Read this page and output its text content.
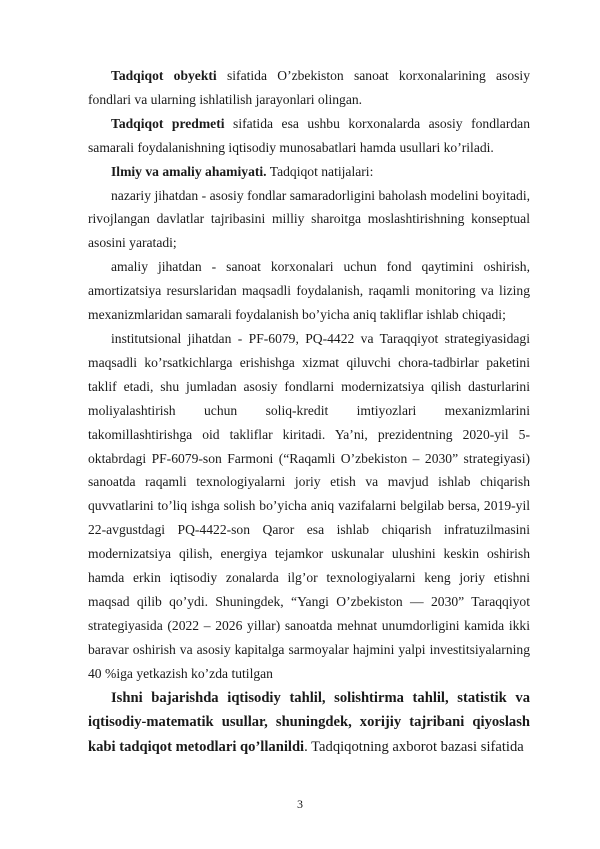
Tadqiqot obyekti sifatida O’zbekiston sanoat korxonalarining asosiy fondlari va ularning ishlatilish jarayonlari olingan.

Tadqiqot predmeti sifatida esa ushbu korxonalarda asosiy fondlardan samarali foydalanishning iqtisodiy munosabatlari hamda usullari ko’riladi.

Ilmiy va amaliy ahamiyati. Tadqiqot natijalari:

nazariy jihatdan - asosiy fondlar samaradorligini baholash modelini boyitadi, rivojlangan davlatlar tajribasini milliy sharoitga moslashtirishning konseptual asosini yaratadi;

amaliy jihatdan - sanoat korxonalari uchun fond qaytimini oshirish, amortizatsiya resurslaridan maqsadli foydalanish, raqamli monitoring va lizing mexanizmlaridan samarali foydalanish bo’yicha aniq takliflar ishlab chiqadi;

institutsional jihatdan - PF-6079, PQ-4422 va Taraqqiyot strategiyasidagi maqsadli ko’rsatkichlarga erishishga xizmat qiluvchi chora-tadbirlar paketini taklif etadi, shu jumladan asosiy fondlarni modernizatsiya qilish dasturlarini moliyalashtirish uchun soliq-kredit imtiyozlari mexanizmlarini takomillashtirishga oid takliflar kiritadi. Ya’ni, prezidentning 2020-yil 5-oktabrdagi PF-6079-son Farmoni (“Raqamli O’zbekiston – 2030” strategiyasi) sanoatda raqamli texnologiyalarni joriy etish va mavjud ishlab chiqarish quvvatlarini to’liq ishga solish bo’yicha aniq vazifalarni belgilab bersa, 2019-yil 22-avgustdagi PQ-4422-son Qaror esa ishlab chiqarish infratuzilmasini modernizatsiya qilish, energiya tejamkor uskunalar ulushini keskin oshirish hamda erkin iqtisodiy zonalarda ilg’or texnologiyalarni keng joriy etishni maqsad qilib qo’ydi. Shuningdek, “Yangi O’zbekiston — 2030” Taraqqiyot strategiyasida (2022 – 2026 yillar) sanoatda mehnat unumdorligini kamida ikki baravar oshirish va asosiy kapitalga sarmoyalar hajmini yalpi investitsiyalarning 40 %iga yetkazish ko’zda tutilgan

Ishni bajarishda iqtisodiy tahlil, solishtirma tahlil, statistik va iqtisodiy-matematik usullar, shuningdek, xorijiy tajribani qiyoslash kabi tadqiqot metodlari qo’llanildi. Tadqiqotning axborot bazasi sifatida

3
